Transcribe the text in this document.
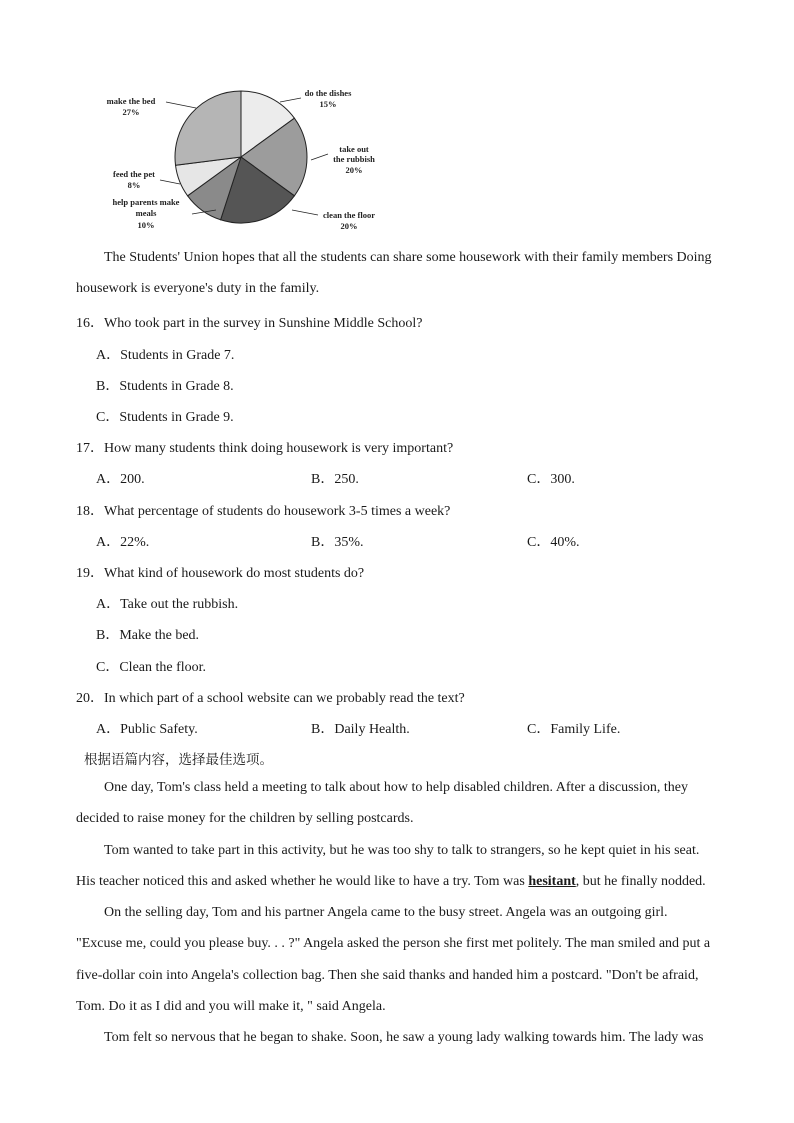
make the bed
27%
do the dishes
15%
take out
the rubbish
20%
clean the floor
20%
feed the pet
8%
help parents make
meals
10%
The Students' Union hopes that all the students can share some housework with their family members Doing
housework is everyone's duty in the family.
16．Who took part in the survey in Sunshine Middle School?
A．Students in Grade 7.
B．Students in Grade 8.
C．Students in Grade 9.
17．How many students think doing housework is very important?
A．200.	B．250.	C．300.
18．What percentage of students do housework 3-5 times a week?
A．22%.	B．35%.	C．40%.
19．What kind of housework do most students do?
A．Take out the rubbish.
B．Make the bed.
C．Clean the floor.
20．In which part of a school website can we probably read the text?
A．Public Safety.	B．Daily Health.	C．Family Life.
根据语篇内容，选择最佳选项。
One day, Tom's class held a meeting to talk about how to help disabled children. After a discussion, they
decided to raise money for the children by selling postcards.
Tom wanted to take part in this activity, but he was too shy to talk to strangers, so he kept quiet in his seat.
His teacher noticed this and asked whether he would like to have a try. Tom was hesitant, but he finally nodded.
On the selling day, Tom and his partner Angela came to the busy street. Angela was an outgoing girl.
"Excuse me, could you please buy. . . ?" Angela asked the person she first met politely. The man smiled and put a
five-dollar coin into Angela's collection bag. Then she said thanks and handed him a postcard. "Don't be afraid,
Tom. Do it as I did and you will make it, " said Angela.
Tom felt so nervous that he began to shake. Soon, he saw a young lady walking towards him. The lady was
